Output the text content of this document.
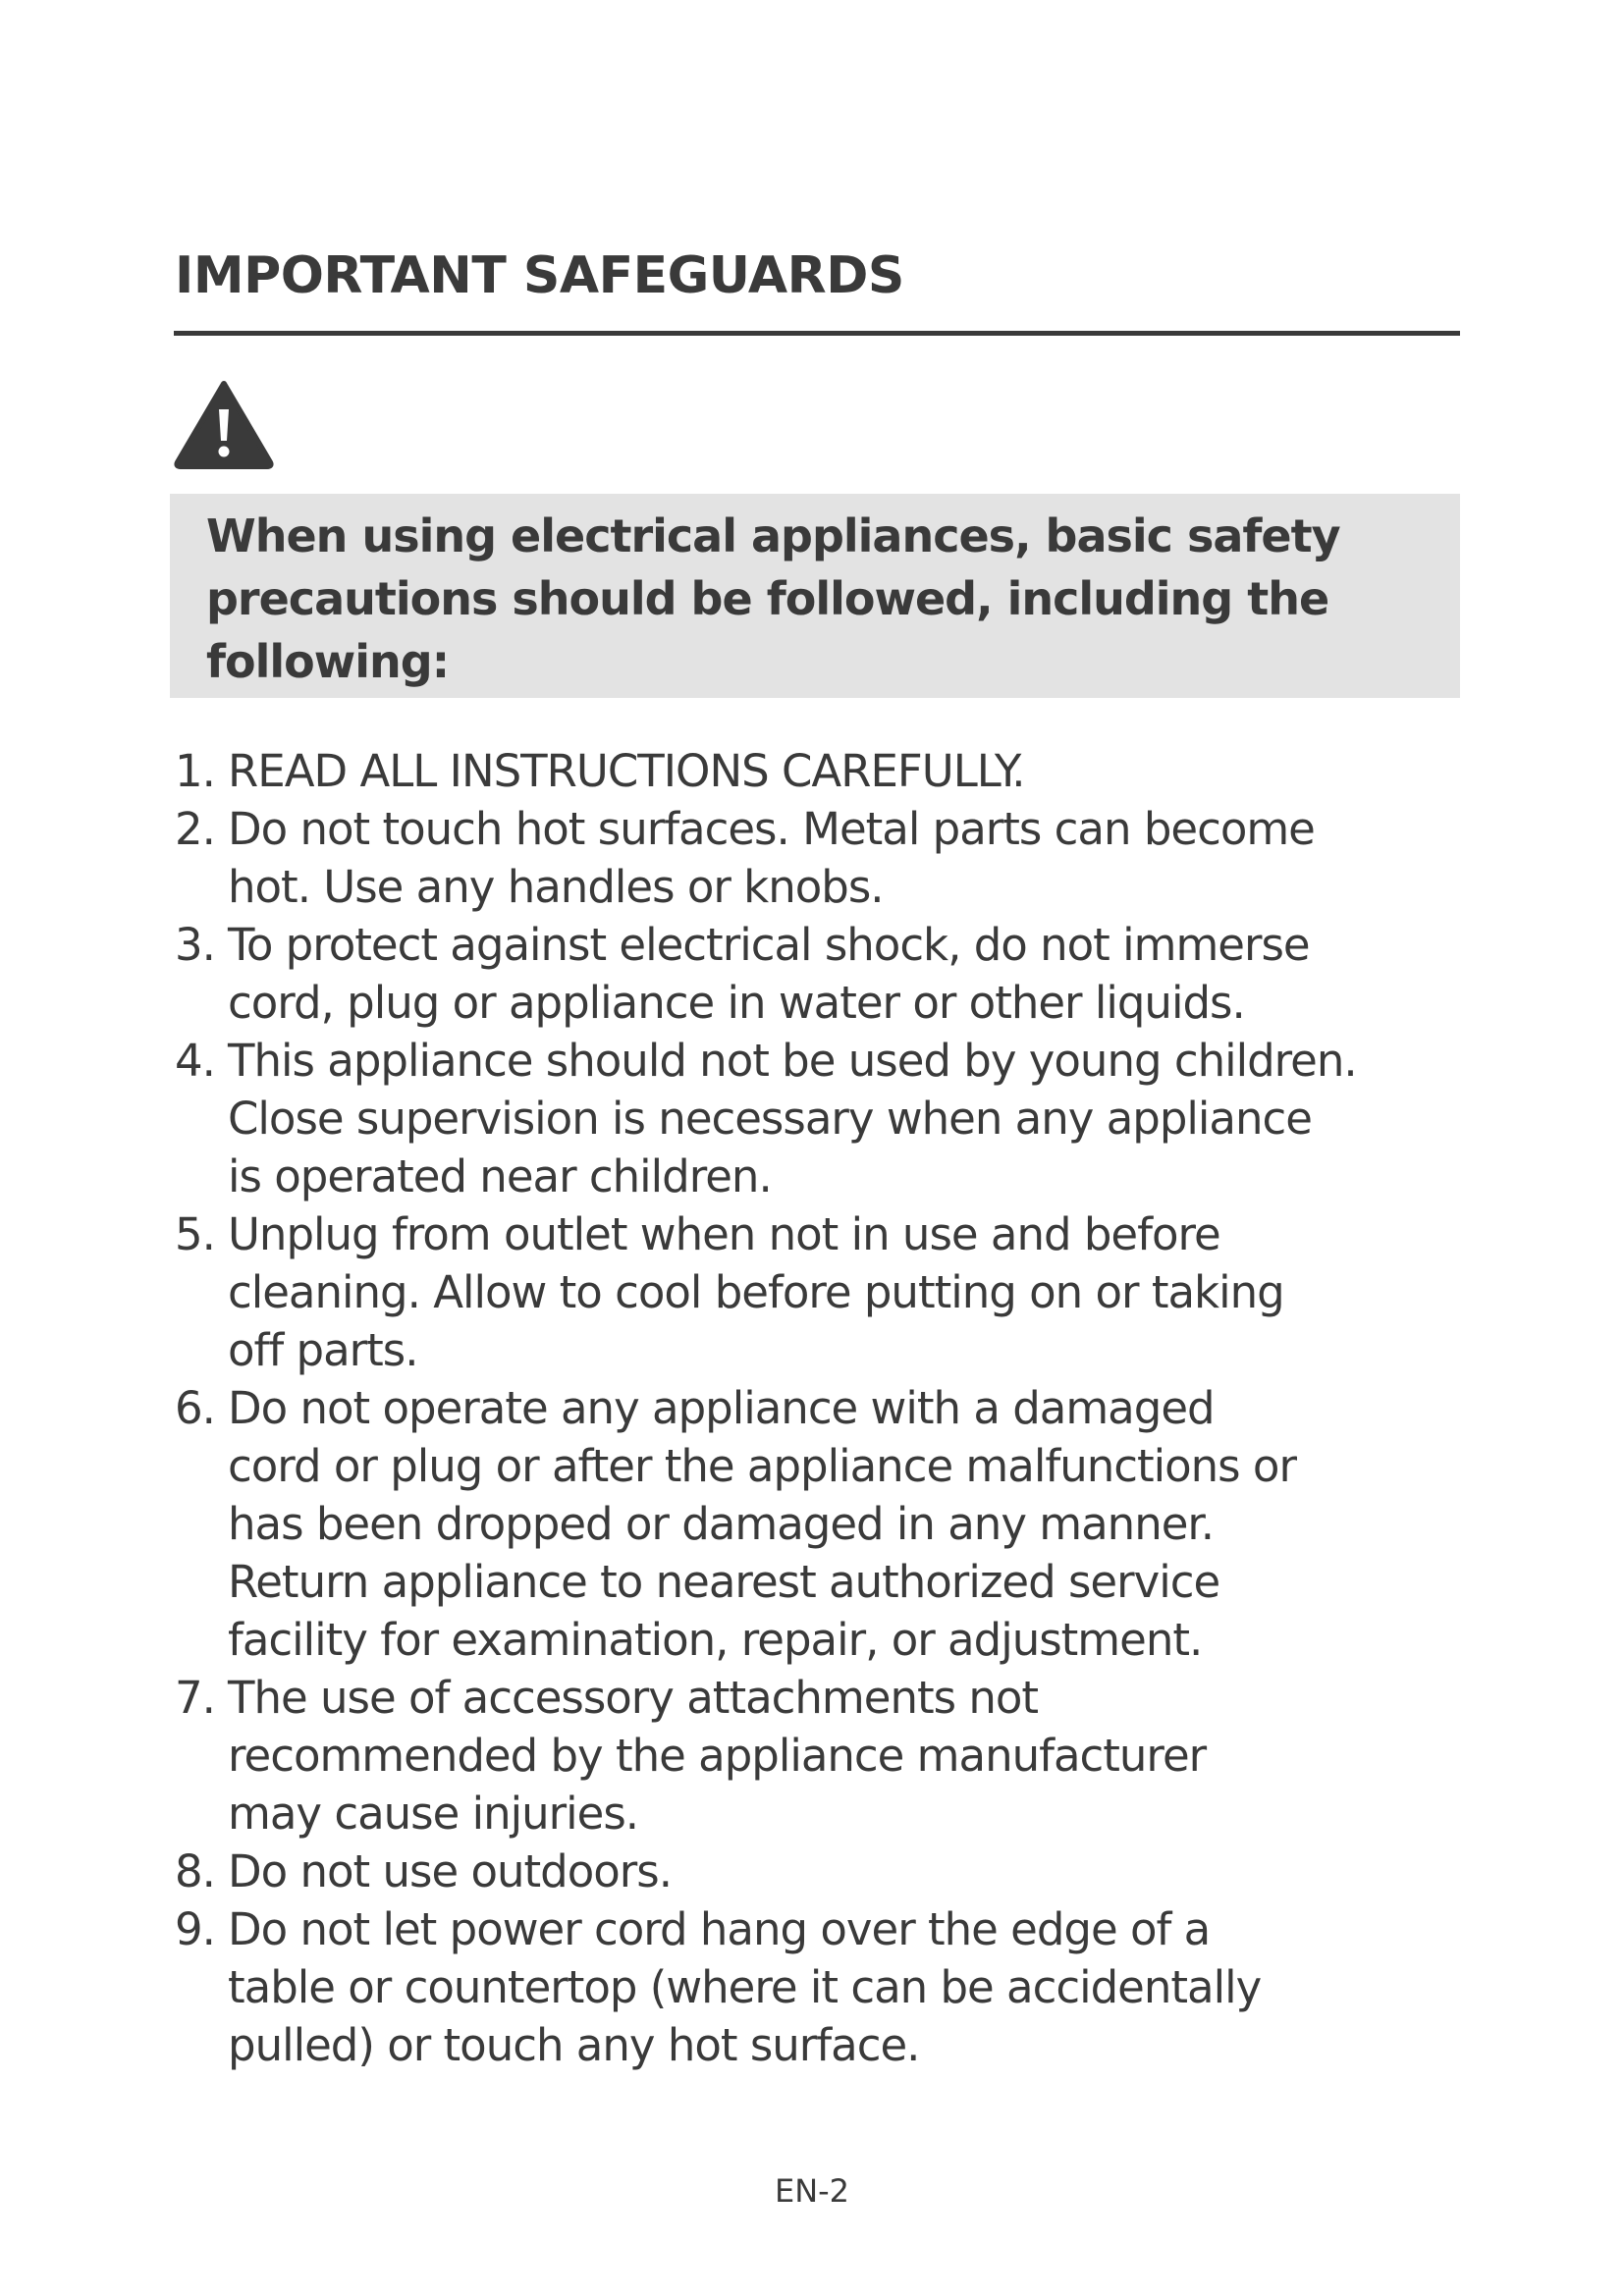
IMPORTANT SAFEGUARDS

When using electrical appliances, basic safety
precautions should be followed, including the
following:

1. READ ALL INSTRUCTIONS CAREFULLY.
2. Do not touch hot surfaces. Metal parts can become
hot. Use any handles or knobs.
3. To protect against electrical shock, do not immerse
cord, plug or appliance in water or other liquids.
4. This appliance should not be used by young children.
Close supervision is necessary when any appliance
is operated near children.
5. Unplug from outlet when not in use and before
cleaning. Allow to cool before putting on or taking
off parts.
6. Do not operate any appliance with a damaged
cord or plug or after the appliance malfunctions or
has been dropped or damaged in any manner.
Return appliance to nearest authorized service
facility for examination, repair, or adjustment.
7. The use of accessory attachments not
recommended by the appliance manufacturer
may cause injuries.
8. Do not use outdoors.
9. Do not let power cord hang over the edge of a
table or countertop (where it can be accidentally
pulled) or touch any hot surface.
EN-2
